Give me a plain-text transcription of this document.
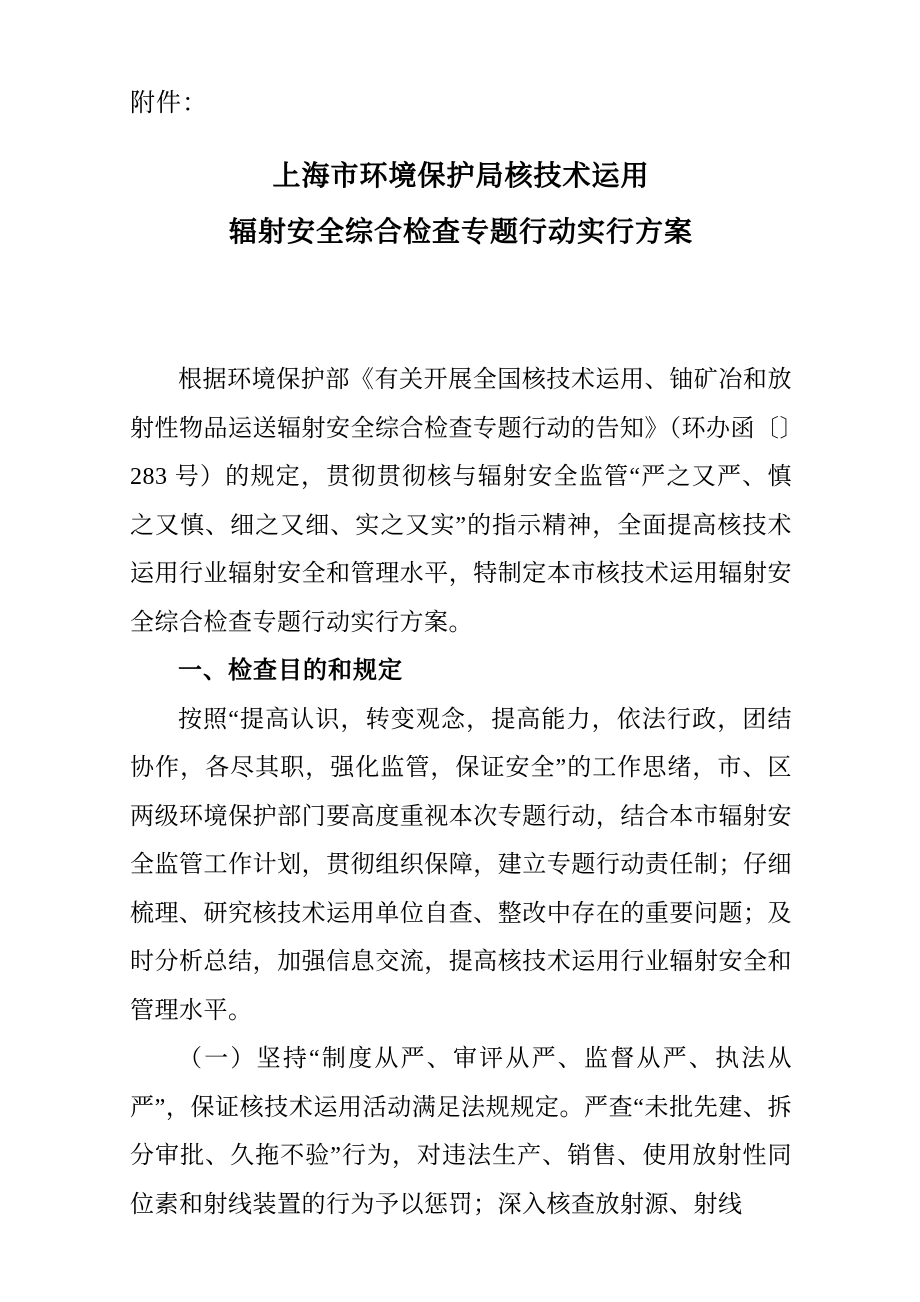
附件：
上海市环境保护局核技术运用
辐射安全综合检查专题行动实行方案

根据环境保护部《有关开展全国核技术运用、铀矿冶和放射性物品运送辐射安全综合检查专题行动的告知》（环办函〔〕283 号）的规定，贯彻贯彻核与辐射安全监管“严之又严、慎之又慎、细之又细、实之又实”的指示精神，全面提高核技术运用行业辐射安全和管理水平，特制定本市核技术运用辐射安全综合检查专题行动实行方案。

一、检查目的和规定

按照“提高认识，转变观念，提高能力，依法行政，团结协作，各尽其职，强化监管，保证安全”的工作思绪，市、区两级环境保护部门要高度重视本次专题行动，结合本市辐射安全监管工作计划，贯彻组织保障，建立专题行动责任制；仔细梳理、研究核技术运用单位自查、整改中存在的重要问题；及时分析总结，加强信息交流，提高核技术运用行业辐射安全和管理水平。

（一）坚持“制度从严、审评从严、监督从严、执法从严”，保证核技术运用活动满足法规规定。严查“未批先建、拆分审批、久拖不验”行为，对违法生产、销售、使用放射性同位素和射线装置的行为予以惩罚；深入核查放射源、射线
